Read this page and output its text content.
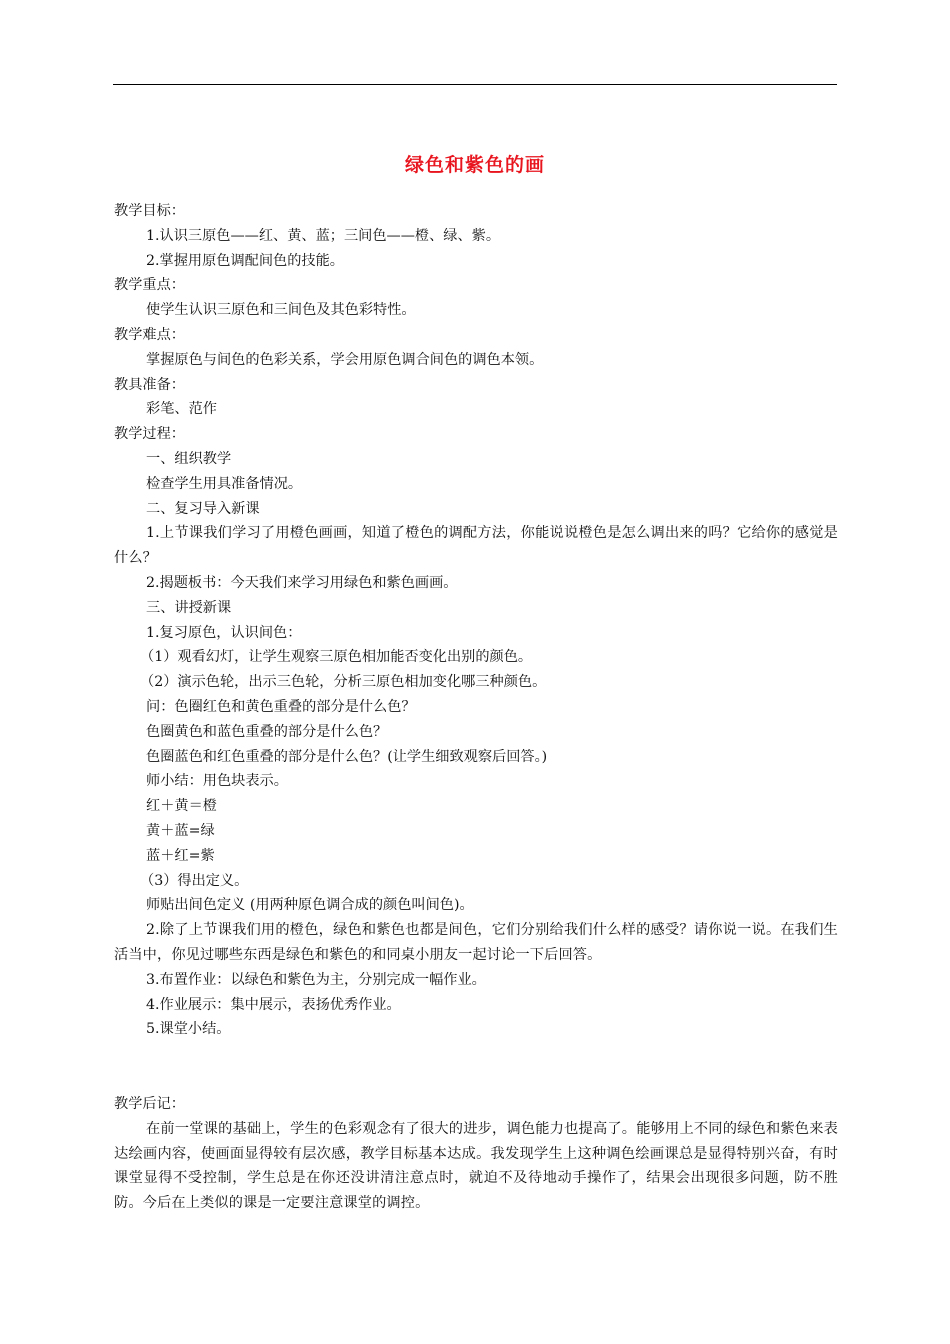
绿色和紫色的画
教学目标：
1.认识三原色——红、黄、蓝；三间色——橙、绿、紫。
2.掌握用原色调配间色的技能。
教学重点：
使学生认识三原色和三间色及其色彩特性。
教学难点：
掌握原色与间色的色彩关系，学会用原色调合间色的调色本领。
教具准备：
彩笔、范作
教学过程：
一、组织教学
检查学生用具准备情况。
二、复习导入新课
1.上节课我们学习了用橙色画画，知道了橙色的调配方法，你能说说橙色是怎么调出来的吗？它给你的感觉是什么？
2.揭题板书：今天我们来学习用绿色和紫色画画。
三、讲授新课
1.复习原色，认识间色：
（1）观看幻灯，让学生观察三原色相加能否变化出别的颜色。
（2）演示色轮，出示三色轮，分析三原色相加变化哪三种颜色。
问：色圈红色和黄色重叠的部分是什么色？
色圈黄色和蓝色重叠的部分是什么色？
色圈蓝色和红色重叠的部分是什么色？(让学生细致观察后回答。)
师小结：用色块表示。
红＋黄＝橙
黄＋蓝=绿
蓝＋红=紫
（3）得出定义。
师贴出间色定义 (用两种原色调合成的颜色叫间色)。
2.除了上节课我们用的橙色，绿色和紫色也都是间色，它们分别给我们什么样的感受？请你说一说。在我们生活当中，你见过哪些东西是绿色和紫色的和同桌小朋友一起讨论一下后回答。
3.布置作业：以绿色和紫色为主，分别完成一幅作业。
4.作业展示：集中展示，表扬优秀作业。
5.课堂小结。
教学后记：
在前一堂课的基础上，学生的色彩观念有了很大的进步，调色能力也提高了。能够用上不同的绿色和紫色来表达绘画内容，使画面显得较有层次感，教学目标基本达成。我发现学生上这种调色绘画课总是显得特别兴奋，有时课堂显得不受控制，学生总是在你还没讲清注意点时，就迫不及待地动手操作了，结果会出现很多问题，防不胜防。今后在上类似的课是一定要注意课堂的调控。
